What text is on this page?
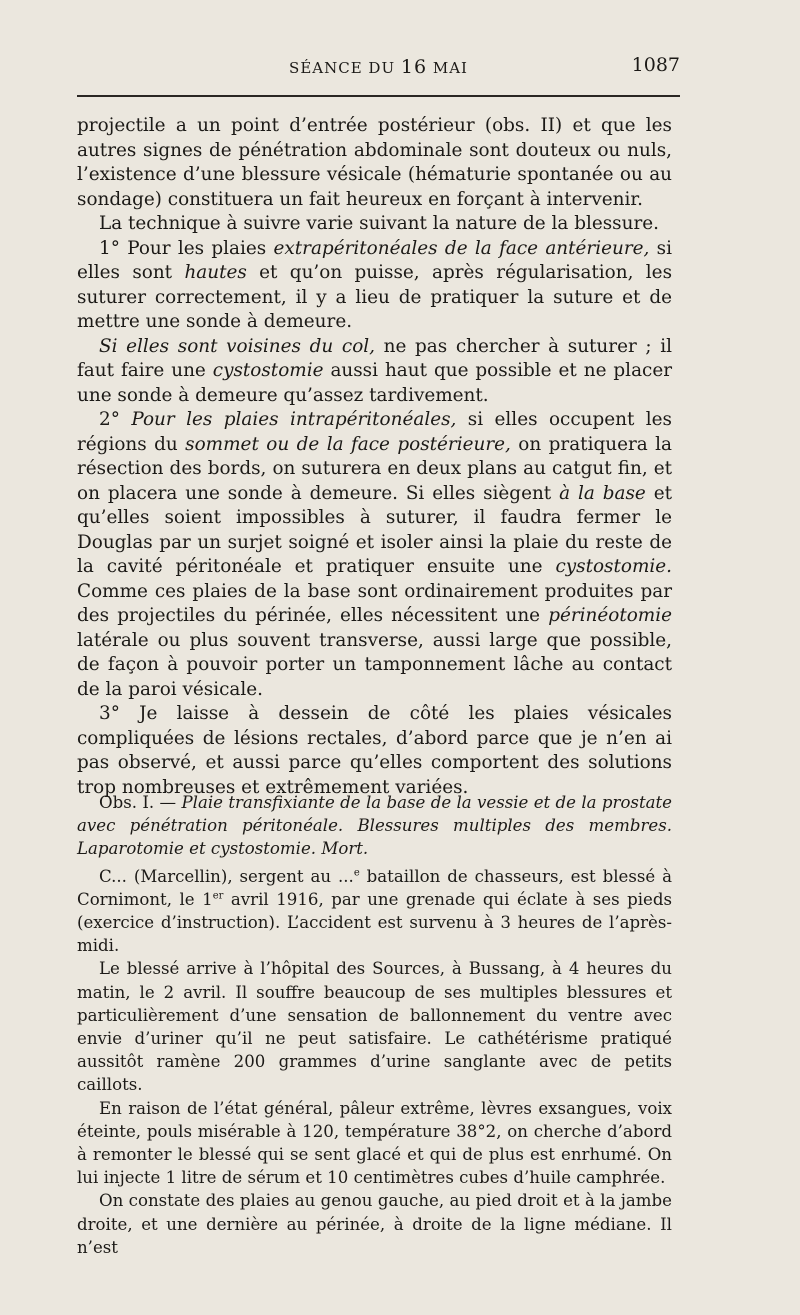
SÉANCE DU 16 MAI	1087

projectile a un point d’entrée postérieur (obs. II) et que les autres signes de pénétration abdominale sont douteux ou nuls, l’existence d’une blessure vésicale (hématurie spontanée ou au sondage) constituera un fait heureux en forçant à intervenir.

La technique à suivre varie suivant la nature de la blessure.

1° Pour les plaies extrapéritonéales de la face antérieure, si elles sont hautes et qu’on puisse, après régularisation, les suturer correctement, il y a lieu de pratiquer la suture et de mettre une sonde à demeure.

Si elles sont voisines du col, ne pas chercher à suturer ; il faut faire une cystostomie aussi haut que possible et ne placer une sonde à demeure qu’assez tardivement.

2° Pour les plaies intrapéritonéales, si elles occupent les régions du sommet ou de la face postérieure, on pratiquera la résection des bords, on suturera en deux plans au catgut fin, et on placera une sonde à demeure. Si elles siègent à la base et qu’elles soient impossibles à suturer, il faudra fermer le Douglas par un surjet soigné et isoler ainsi la plaie du reste de la cavité péritonéale et pratiquer ensuite une cystostomie. Comme ces plaies de la base sont ordinairement produites par des projectiles du périnée, elles nécessitent une périnéotomie latérale ou plus souvent transverse, aussi large que possible, de façon à pouvoir porter un tamponnement lâche au contact de la paroi vésicale.

3° Je laisse à dessein de côté les plaies vésicales compliquées de lésions rectales, d’abord parce que je n’en ai pas observé, et aussi parce qu’elles comportent des solutions trop nombreuses et extrêmement variées.

Obs. I. — Plaie transfixiante de la base de la vessie et de la prostate avec pénétration péritonéale. Blessures multiples des membres. Laparotomie et cystostomie. Mort.

C... (Marcellin), sergent au ...$^e$ bataillon de chasseurs, est blessé à Cornimont, le 1er avril 1916, par une grenade qui éclate à ses pieds (exercice d’instruction). L’accident est survenu à 3 heures de l’après-midi.

Le blessé arrive à l’hôpital des Sources, à Bussang, à 4 heures du matin, le 2 avril. Il souffre beaucoup de ses multiples blessures et particulièrement d’une sensation de ballonnement du ventre avec envie d’uriner qu’il ne peut satisfaire. Le cathétérisme pratiqué aussitôt ramène 200 grammes d’urine sanglante avec de petits caillots.

En raison de l’état général, pâleur extrême, lèvres exsangues, voix éteinte, pouls misérable à 120, température 38°2, on cherche d’abord à remonter le blessé qui se sent glacé et qui de plus est enrhumé. On lui injecte 1 litre de sérum et 10 centimètres cubes d’huile camphrée.

On constate des plaies au genou gauche, au pied droit et à la jambe droite, et une dernière au périnée, à droite de la ligne médiane. Il n’est
